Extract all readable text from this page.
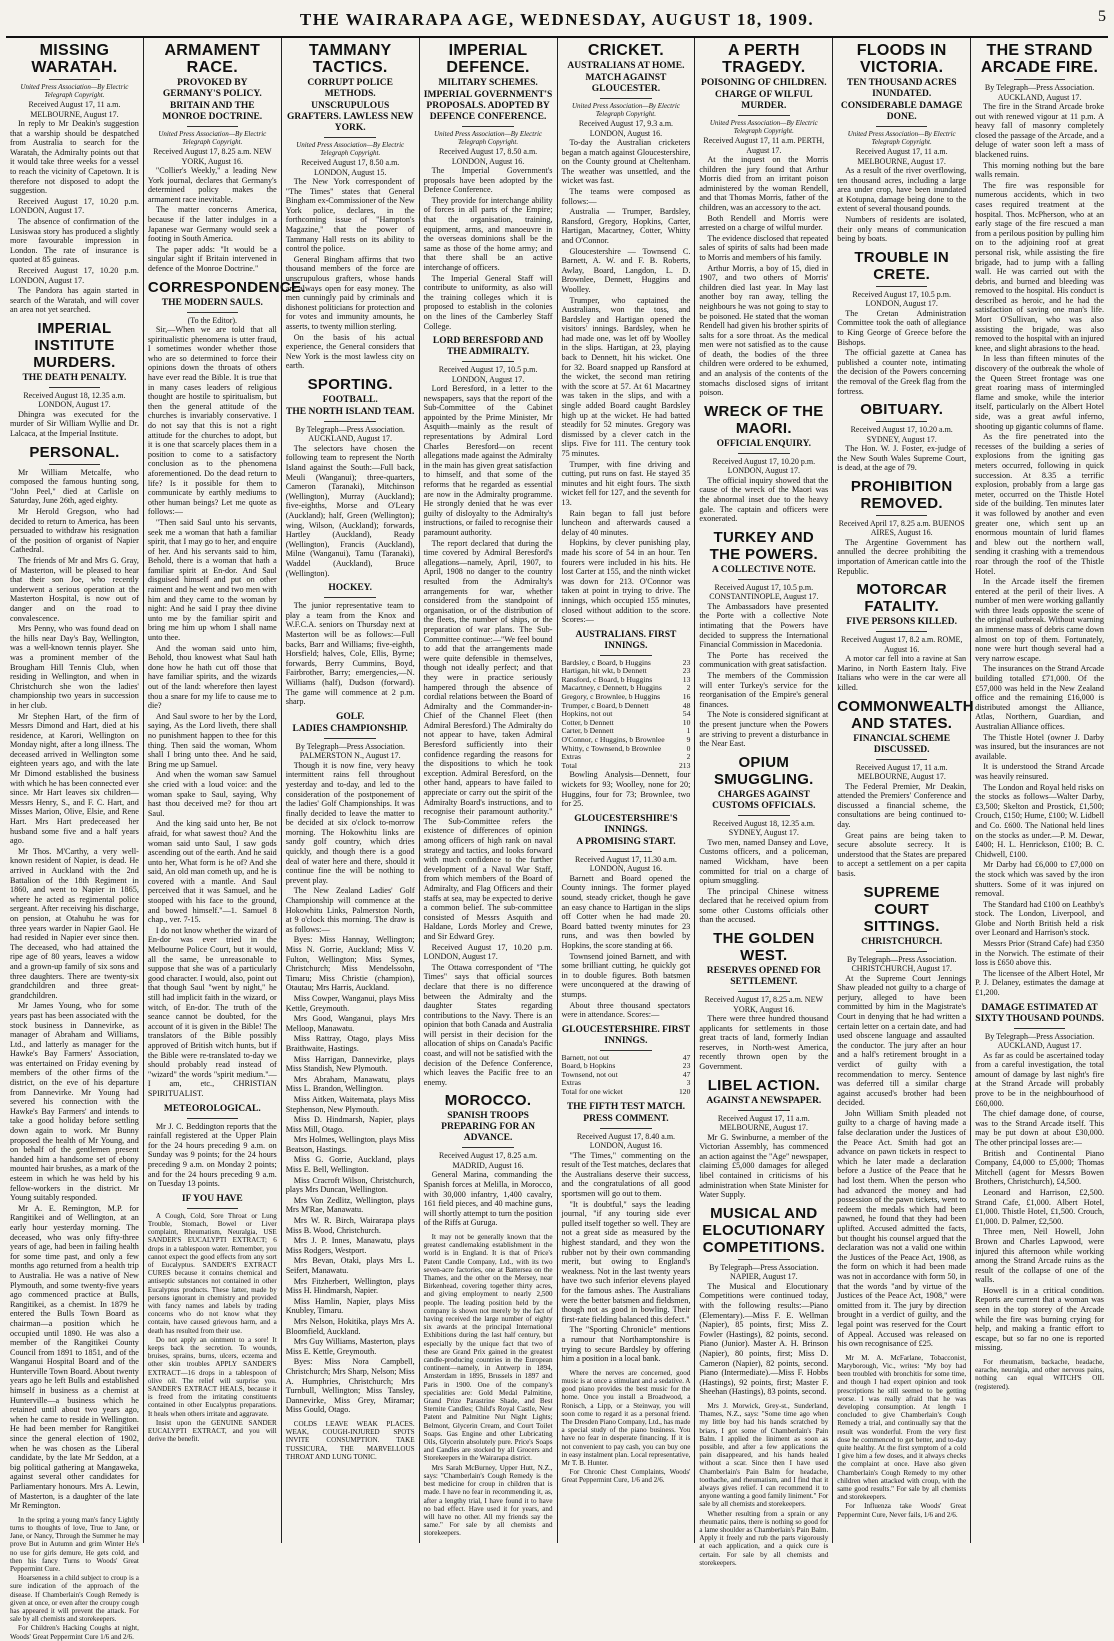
THE WAIRARAPA AGE, WEDNESDAY, AUGUST 18, 1909.	5
MISSING WARATAH.
United Press Association—By Electric Telegraph Copyright.
Received August 17, 11 a.m. MELBOURNE, August 17.

In reply to Mr Deakin's suggestion that a warship should be despatched from Australia to search for the Waratah, the Admiralty points out that it would take three weeks for a vessel to reach the vicinity of Capetown. It is therefore not disposed to adopt the suggestion.

Received August 17, 10.20 p.m. LONDON, August 17.

The absence of confirmation of the Lusiswaa story has produced a slightly more favourable impression in London. The rate of insurance is quoted at 85 guineas.

Received August 17, 10.20 p.m. LONDON, August 17.

The Pandora has again started in search of the Waratah, and will cover an area not yet searched.

IMPERIAL INSTITUTE MURDERS.
THE DEATH PENALTY.
Received August 18, 12.35 a.m. LONDON, August 17.

Dhingra was executed for the murder of Sir William Wyllie and Dr. Lalcaca, at the Imperial Institute.

PERSONAL.

Mr William Metcalfe, who composed the famous hunting song, "John Peel," died at Carlisle on Saturday, June 26th, aged eighty.

Mr Herold Gregson, who had decided to return to America, has been persuaded to withdraw his resignation of the position of organist of Napier Cathedral.

The friends of Mr and Mrs G. Gray, of Masterton, will be pleased to hear that their son Joe, who recently underwent a serious operation at the Masterton Hospital, is now out of danger and on the road to convalescence.

Mrs Penny, who was found dead on the hills near Day's Bay, Wellington, was a well-known tennis player. She was a prominent member of the Brougham Hill Tennis Club, when residing in Wellington, and when in Christchurch she won the ladies' championship two years in succession in her club.

Mr Stephen Hart, of the firm of Messrs Dimond and Hart, died at his residence, at Karori, Wellington on Monday night, after a long illness. The deceased arrived in Wellington some eighteen years ago, and with the late Mr Dimond established the business with which he has been connected ever since. Mr Hart leaves six children—Messrs Henry, S., and F. C. Hart, and Misses Marion, Olive, Elsie, and Rene Hart. Mrs Hart predeceased her husband some five and a half years ago.

Mr Thos. M'Carthy, a very well-known resident of Napier, is dead. He arrived in Auckland with the 2nd Battalion of the 18th Regiment in 1860, and went to Napier in 1865, where he acted as regimental police sergeant. After receiving his discharge, on pension, at Otahuhu he was for three years warder in Napier Gaol. He had resided in Napier ever since then. The deceased, who had attained the ripe age of 80 years, leaves a widow and a grown-up family of six sons and three daughters. There are twenty-six grandchildren and three great-grandchildren.

Mr James Young, who for some years past has been associated with the stock business in Dannevirke, as manager of Abraham and Williams, Ltd., and latterly as manager for the Hawke's Bay Farmers' Association, was entertained on Friday evening by members of the other firms of the district, on the eve of his departure from Dannevirke. Mr Young had severed his connection with the Hawke's Bay Farmers' and intends to take a good holiday before settling down again to work. Mr Bunny proposed the health of Mr Young, and on behalf of the gentlemen present handed him a handsome set of ebony mounted hair brushes, as a mark of the esteem in which he was held by his fellow-workers in the district. Mr Young suitably responded.

Mr A. E. Remington, M.P. for Rangitikei and of Wellington, at an early hour yesterday morning. The deceased, who was only fifty-three years of age, had been in failing health for some time past, and only a few months ago returned from a health trip to Australia. He was a native of New Plymouth, and some twenty-five years ago commenced practice at Bulls, Rangitikei, as a chemist. In 1879 he entered the Bulls Town Board as chairman—a position which he occupied until 1890. He was also a member of the Rangitikei County Council from 1891 to 1851, and of the Wanganui Hospital Board and of the Hunterville Town Board. About twenty years ago he left Bulls and established himself in business as a chemist at Hunterville—a business which he retained until about two years ago, when he came to reside in Wellington. He had been member for Rangitikei since the general election of 1902, when he was chosen as the Liberal candidate, by the late Mr Seddon, at a big political gathering at Mangaweka, against several other candidates for Parliamentary honours. Mrs A. Lewin, of Masterton, is a daughter of the late Mr Remington.

In the spring a young man's fancy Lightly turns to thoughts of love, True to Jane, or Jane, or Nancy, Through the Summer he may prove But in Autumn and grim Winter He's no use for girls demure, He gets cold, and then his fancy Turns to Woods' Great Peppermint Cure.

Hoarseness in a child subject to croup is a sure indication of the approach of the disease. If Chamberlain's Cough Remedy is given at once, or even after the croupy cough has appeared it will prevent the attack. For sale by all chemists and storekeepers.

For Children's Hacking Coughs at night, Woods' Great Peppermint Cure 1/6 and 2/6.

ARMAMENT RACE.
PROVOKED BY GERMANY'S POLICY.
BRITAIN AND THE MONROE DOCTRINE.
United Press Association—By Electric Telegraph Copyright.
Received August 17, 8.25 a.m. NEW YORK, August 16.

"Collier's Weekly," a leading New York journal, declares that Germany's determined policy makes the armament race inevitable.

The matter concerns America, because if the latter indulges in a Japanese war Germany would seek a footing in South America.

The paper adds: "It would be a singular sight if Britain intervened in defence of the Monroe Doctrine."

CORRESPONDENCE.
THE MODERN SAULS.
(To the Editor).

Sir,—When we are told that all spiritualistic phenomena is utter fraud, I sometimes wonder whether those who are so determined to force their opinions down the throats of others have ever read the Bible. It is true that in many cases leaders of religious thought are hostile to spiritualism, but then the general attitude of the churches is invariably conservative. I do not say that this is not a right attitude for the churches to adopt, but it is one that scarcely places them in a position to come to a satisfactory conclusion as to the phenomena aforementioned. Do the dead return to life? Is it possible for them to communicate by earthly mediums to other human beings? Let me quote as follows:—

"Then said Saul unto his servants, seek me a woman that hath a familiar spirit, that I may go to her, and enquire of her. And his servants said to him, Behold, there is a woman that hath a familiar spirit at En-dor. And Saul disguised himself and put on other raiment and he went and two men with him and they came to the woman by night: And he said I pray thee divine unto me by the familiar spirit and bring me him up whom I shall name unto thee.

And the woman said unto him, Behold, thou knowest what Saul hath done how he hath cut off those that have familiar spirits, and the wizards out of the land: wherefore then layest thou a snare for my life to cause me to die?

And Saul swore to her by the Lord, saying, As the Lord liveth, there shall no punishment happen to thee for this thing. Then said the woman, Whom shall I bring unto thee. And he said, Bring me up Samuel.

And when the woman saw Samuel she cried with a loud voice: and the woman spake to Saul, saying, Why hast thou deceived me? for thou art Saul.

And the king said unto her, Be not afraid, for what sawest thou? And the woman said unto Saul, I saw gods ascending out of the earth. And he said unto her, What form is he of? And she said, An old man cometh up, and he is covered with a mantle. And Saul perceived that it was Samuel, and he stooped with his face to the ground, and bowed himself."—1. Samuel 8 chap., ver. 7-15.

I do not know whether the wizard of En-dor was ever tried in the Melbourne Police Court, but it would, all the same, be unreasonable to suppose that she was of a particularly good character. I would, also, point out that though Saul "went by night," he still had implicit faith in the wizard, or witch, of En-dor. The truth of the seance cannot be doubted, for the account of it is given in the Bible! The translators of the Bible possibly approved of British witch hunts, but if the Bible were re-translated to-day we should probably read instead of "wizard" the words "spirit medium."—I am, etc., CHRISTIAN SPIRITUALIST.

METEOROLOGICAL.

Mr J. C. Beddington reports that the rainfall registered at the Upper Plain for the 24 hours preceding 9 a.m. on Sunday was 9 points; for the 24 hours preceding 9 a.m. on Monday 2 points; and for the 24 hours preceding 9 a.m. on Tuesday 13 points.

IF YOU HAVE

A Cough, Cold, Sore Throat or Lung Trouble, Stomach, Bowel or Liver complaint, Rheumatism, Neuralgia, USE SANDER'S EUCALYPTI EXTRACT; 6 drops in a tablespoon water. Remember, you cannot expect the good effects from any sort of Eucalyptus. SANDER'S EXTRACT CURES because it contains chemical and antiseptic substances not contained in other Eucalyptus products. These latter, made by persons ignorant in chemistry and provided with fancy names and labels by trading concerns who do not know what they contain, have caused grievous harm, and a death has resulted from their use.

Do not apply an ointment to a sore! It keeps back the secretion. To wounds, bruises, sprains, burns, ulcers, eczema and other skin troubles APPLY SANDER'S EXTRACT—16 drops in a tablespoon of olive oil. The relief will surprise you. SANDER'S EXTRACT HEALS, because it is freed from the irritating constituents contained in other Eucalyptus preparations. It heals when others irritate and aggravate.

Insist upon the GENUINE SANDER EUCALYPTI EXTRACT, and you will derive the benefit.

TAMMANY TACTICS.
CORRUPT POLICE METHODS.
UNSCRUPULOUS GRAFTERS. LAWLESS NEW YORK.
United Press Association—By Electric Telegraph Copyright.
Received August 17, 8.50 a.m. LONDON, August 15.

The New York correspondent of "The Times" states that General Bingham ex-Commissioner of the New York police, declares, in the forthcoming issue of "Hampton's Magazine," that the power of Tammany Hall rests on its ability to control the police.

General Bingham affirms that two thousand members of the force are unscrupulous grafters, whose hands are always open for easy money. The men cunningly paid by criminals and dishonest politicians for protection and for votes and immunity amounts, he asserts, to twenty million sterling.

On the basis of his actual experience, the General considers that New York is the most lawless city on earth.

SPORTING.
FOOTBALL.
THE NORTH ISLAND TEAM.
By Telegraph—Press Association. AUCKLAND, August 17.

The selectors have chosen the following team to represent the North Island against the South:—Full back, Meuli (Wanganui); three-quarters, Cameron (Taranaki), Mitchinson (Wellington), Murray (Auckland); five-eighths, Morse and O'Leary (Auckland); half, Green (Wellington); wing, Wilson, (Auckland); forwards, Hartley (Auckland), Ready (Wellington), Francis (Auckland), Milne (Wanganui), Tamu (Taranaki), Waddel (Auckland), Bruce (Wellington).

HOCKEY.

The junior representative team to play a team from the Knox and W.F.C.A. seniors on Thursday next at Masterton will be as follows:—Full backs, Barr and Williams; five-eighth, Horsfield; halves, Cole, Ellis, Byrne; forwards, Berry Cummins, Boyd, Fairbrother, Barry; emergencies,—N. Williams (half), Dudson (forward). The game will commence at 2 p.m. sharp.

GOLF.
LADIES CHAMPIONSHIP.
By Telegraph—Press Association. PALMERSTON N., August 17.

Though it is now fine, very heavy intermittent rains fell throughout yesterday and to-day, and led to the consideration of the postponement of the ladies' Golf Championships. It was finally decided to leave the matter to be decided at six o'clock to-morrow morning. The Hokowhitu links are sandy golf country, which dries quickly, and though there is a good deal of water here and there, should it continue fine the will be nothing to prevent play.

The New Zealand Ladies' Golf Championship will commence at the Hokowhitu Links, Palmerston North, at 9 o'clock this morning. The draw is as follows:—

Byes: Miss Hannay, Wellington; Miss N. Gorrie, Auckland; Miss V. Fulton, Wellington; Miss Symes, Christchurch; Miss Mendelssohn, Timaru; Miss Christie (champion), Otautau; Mrs Harris, Auckland.

Miss Cowper, Wanganui, plays Miss Kettle, Greymouth.

Mrs Good, Wanganui, plays Mrs Melloop, Manawatu.

Miss Rattray, Otago, plays Miss Braithwaite, Hastings.

Miss Harrigan, Dannevirke, plays Miss Standish, New Plymouth.

Mrs Abraham, Manawatu, plays Miss L. Brandon, Wellington.

Miss Aitken, Waitemata, plays Miss Stephenson, New Plymouth.

Miss D. Hindmarsh, Napier, plays Miss Mill, Otago.

Mrs Holmes, Wellington, plays Miss Beatson, Hastings.

Miss G. Gorrie, Auckland, plays Miss E. Bell, Wellington.

Miss Cracroft Wilson, Christchurch, plays Mrs Duncan, Wellington.

Mrs Von Zedlitz, Wellington, plays Mrs M'Rae, Manawatu.

Mrs W. R. Birch, Wairarapa plays Miss B. Wood, Christchurch.

Mrs J. P. Innes, Manawatu, plays Miss Rodgers, Westport.

Mrs Bevan, Otaki, plays Mrs L. Seifert, Manawatu.

Mrs Fitzherbert, Wellington, plays Miss H. Hindmarsh, Napier.

Miss Hamlin, Napier, plays Miss Knubley, Timaru.

Mrs Nelson, Hokitika, plays Mrs A. Bloomfield, Auckland.

Mrs Guy Williams, Masterton, plays Miss E. Kettle, Greymouth.

Byes: Miss Nora Campbell, Christchurch; Mrs Sharp, Nelson; Miss A. Humphries, Christchurch; Mrs Turnbull, Wellington; Miss Tansley, Dannevirke, Miss Grey, Miramar; Miss Gould, Otago.

COLDS LEAVE WEAK PLACES. WEAK, COUGH-INJURED SPOTS INVITE CONSUMPTION. TAKE TUSSICURA, THE MARVELLOUS THROAT AND LUNG TONIC.

IMPERIAL DEFENCE.
MILITARY SCHEMES.
IMPERIAL GOVERNMENT'S PROPOSALS. ADOPTED BY DEFENCE CONFERENCE.
United Press Association—By Electric Telegraph Copyright.
Received August 17, 8.50 a.m. LONDON, August 16.

The Imperial Government's proposals have been adopted by the Defence Conference.

They provide for interchange ability of forces in all parts of the Empire; that the organisation, training, equipment, arms, and manoeuvre in the overseas dominions shall be the same as those of the home army; and that there shall be an active interchange of officers.

The Imperial General Staff will contribute to uniformity, as also will the training colleges which it is proposed to establish in the colonies on the lines of the Camberley Staff College.

LORD BERESFORD AND THE ADMIRALTY.
Received August 17, 10.5 p.m. LONDON, August 17.

Lord Beresford, in a letter to the newspapers, says that the report of the Sub-Committee of the Cabinet appointed by the Prime Minister, Mr Asquith—mainly as the result of representations by Admiral Lord Charles Beresford—on recent allegations made against the Admiralty in the main has given great satisfaction to himself, and that some of the reforms that he regarded as essential are now in the Admiralty programme. He strongly denied that he was ever guilty of disloyalty to the Admiralty's instructions, or failed to recognise their paramount authority.

The report declared that during the time covered by Admiral Beresford's allegations—namely, April, 1907, to April, 1908 no danger to the country resulted from the Admiralty's arrangements for war, whether considered from the standpoint of organisation, or of the distribution of the fleets, the number of ships, or the preparation of war plans. The Sub-Committee continue:—"We feel bound to add that the arrangements made were quite defensible in themselves, though not ideally perfect; and that they were in practice seriously hampered through the absence of cordial relations between the Board of Admiralty and the Commander-in-Chief of the Channel Fleet (then Admiral Beresford.) The Admiralty do not appear to have, taken Admiral Beresford sufficiently into their confidence regarding the reasons for the dispositions to which he took exception. Admiral Beresford, on the other hand, appears to have failed to appreciate or carry out the spirit of the Admiralty Board's instructions, and to recognise their paramount authority." The Sub-Committee refers the existence of differences of opinion among officers of high rank on naval strategy and tactics, and looks forward with much confidence to the further development of a Naval War Staff, from which members of the Board of Admiralty, and Flag Officers and their staffs at sea, may be expected to derive a common belief. The sub-committee consisted of Messrs Asquith and Haldane, Lords Morley and Crewe, and Sir Edward Grey.

Received August 17, 10.20 p.m. LONDON, August 17.

The Ottawa correspondent of "The Times" says that official sources declare that there is no difference between the Admiralty and the daughter States regarding contributions to the Navy. There is an opinion that both Canada and Australia will persist in their decision for the allocation of ships on Canada's Pacific coast, and will not be satisfied with the decision of the Defence Conference, which leaves the Pacific free to an enemy.

MOROCCO.
SPANISH TROOPS PREPARING FOR AN ADVANCE.
Received August 17, 8.25 a.m. MADRID, August 16.

General Marina, commanding the Spanish forces at Melilla, in Morocco, with 30,000 infantry, 1,400 cavalry, 161 field pieces, and 40 machine guns, will shortly attempt to turn the position of the Riffs at Guruga.

It may not be generally known that the greatest candlemaking establishment in the world is in England. It is that of Price's Patent Candle Company, Ltd., with its two seven-acre factories, one at Battersea on the Thames, and the other on the Mersey, near Birkenhead, covering together thirty acres, and giving employment to nearly 2,500 people. The leading position held by the company is shown not merely by the fact of having received the large number of eighty six awards at the principal International Exhibitions during the last half century, but especially by the unique fact that two of these are Grand Prix gained in the greatest candle-producing countries in the European continent—namely, in Antwerp in 1894, Amsterdam in 1895, Brussels in 1897 and Paris in 1900. One of the company's specialities are: Gold Medal Palmitine, Grand Prize Parastrine Shade, and Best Sternite Candles; Child's Royal Castle, New Patent and Palmitine Nut Night Lights; Belmont, Glycerin Cream, and Court Toilet Soaps. Gas Engine and other Lubricating Oils, Glycerin absolutely pure. Price's Soaps and Candles are stocked by all Grocers and Storekeepers in the Wairarapa district.

Mrs Sarah McBurney, Upper Hutt, N.Z., says: "Chamberlain's Cough Remedy is the best medicine for croup in children that is made. I have no fear in recommending it, as, after a lengthy trial, I have found it to have no bad effect. Have used it for years, and will have no other. All my friends say the same." For sale by all chemists and storekeepers.

CRICKET.
AUSTRALIANS AT HOME.
MATCH AGAINST GLOUCESTER.
United Press Association—By Electric Telegraph Copyright.
Received August 17, 9.3 a.m. LONDON, August 16.

To-day the Australian cricketers began a match against Gloucestershire, on the County ground at Cheltenham. The weather was unsettled, and the wicket was fast.

The teams were composed as follows:—

Australia — Trumper, Bardsley, Ransford, Gregory, Hopkins, Carter, Hartigan, Macartney, Cotter, Whitty and O'Connor.

Gloucestershire — Townsend C. Barnett, A. W. and F. B. Roberts, Awlay, Board, Langdon, L. D. Brownlee, Dennett, Huggins and Woolley.

Trumper, who captained the Australians, won the toss, and Bardsley and Hartigan opened the visitors' innings. Bardsley, when he had made one, was let off by Woolley in the slips. Hartigan, at 23, playing back to Dennett, hit his wicket. One for 32. Board snapped up Ransford at the wicket, the second man retiring with the score at 57. At 61 Macartney was taken in the slips, and with a single added Board caught Bardsley high up at the wicket. He had batted steadily for 52 minutes. Gregory was dismissed by a clever catch in the slips. Five for 111. The century took 75 minutes.

Trumper, with fine driving and cutting, put runs on fast. He stayed 35 minutes and hit eight fours. The sixth wicket fell for 127, and the seventh for 13.

Rain began to fall just before luncheon and afterwards caused a delay of 40 minutes.

Hopkins, by clever punishing play, made his score of 54 in an hour. Ten fourers were included in his hits. He lost Carter at 155, and the ninth wicket was down for 213. O'Connor was taken at point in trying to drive. The innings, which occupied 155 minutes, closed without addition to the score. Scores:—

AUSTRALIANS. FIRST INNINGS.
Bardsley, c Board, b Huggins	23
Hartigan, hit wkt, b Dennett	23
Ransford, c Board, b Huggins	13
Macartney, c Dennett, b Huggins	2
Gregory, c Brownlee, b Huggins	16
Trumper, c Board, b Dennett	48
Hopkins, not out	54
Cotter, b Dennett	10
Carter, b Dennett	1
O'Connor, c Huggins, b Brownlee	9
Whitty, c Townsend, b Brownlee	0
Extras	2
Total	213

Bowling Analysis—Dennett, four wickets for 93; Woolley, none for 20; Huggins, four for 73; Brownlee, two for 25.

GLOUCESTERSHIRE'S INNINGS.
A PROMISING START.
Received August 17, 11.30 a.m. LONDON, August 16.

Barnett and Board opened the County innings. The former played sound, steady cricket, though he gave an easy chance to Hartigan in the slips off Cotter when he had made 20. Board batted twenty minutes for 23 runs, and was then bowled by Hopkins, the score standing at 66.

Townsend joined Barnett, and with some brilliant cutting, he quickly got in to double figures. Both batsmen were unconquered at the drawing of stumps.

About three thousand spectators were in attendance. Scores:—

GLOUCESTERSHIRE. FIRST INNINGS.
Barnett, not out	47
Board, b Hopkins	23
Townsend, not out	47
Extras	3
Total for one wicket	120
THE FIFTH TEST MATCH.
PRESS COMMENT.
Received August 17, 8.40 a.m. LONDON, August 16.

"The Times," commenting on the result of the Test matches, declares that the Australians deserve their success, and the congratulations of all good sportsmen will go out to them.

"It is doubtful," says the leading journal, "if any touring side ever pulled itself together so well. They are not a great side as measured by the highest standard, and they won the rubber not by their own commanding merit, but owing to England's weakness. Not in the last twenty years have two such inferior elevens played for the famous ashes. The Australians were the better batsmen and fieldsmen, though not as good in bowling. Their first-rate fielding balanced this defect."

The "Sporting Chronicle" mentions a rumour that Northamptonshire is trying to secure Bardsley by offering him a position in a local bank.

Where the nerves are concerned, good music is at once a stimulant and a sedative. A good piano provides the best music for the home. Once you install a Broadwood, a Ronisch, a Lipp, or a Steinway, you will soon come to regard it as a personal friend. The Dresden Piano Company, Ltd., has made a special study of the piano business. You have no fear in desperate financing. If it is not convenient to pay cash, you can buy one in easy instalment plan. Local representative, Mr T. B. Hunter.

For Chronic Chest Complaints, Woods' Great Peppermint Cure, 1/6 and 2/6.

A PERTH TRAGEDY.
POISONING OF CHILDREN.
CHARGE OF WILFUL MURDER.
United Press Association—By Electric Telegraph Copyright.
Received August 17, 11 a.m. PERTH, August 17.

At the inquest on the Morris children the jury found that Arthur Morris died from an irritant poison administered by the woman Rendell, and that Thomas Morris, father of the children, was an accessory to the act.

Both Rendell and Morris were arrested on a charge of wilful murder.

The evidence disclosed that repeated sales of spirits of salts had been made to Morris and members of his family.

Arthur Morris, a boy of 15, died in 1907, and two others of Morris' children died last year. In May last another boy ran away, telling the neighbours he was not going to stay to be poisoned. He stated that the woman Rendell had given his brother spirits of salts for a sore throat. As the medical men were not satisfied as to the cause of death, the bodies of the three children were ordered to be exhumed, and an analysis of the contents of the stomachs disclosed signs of irritant poison.

WRECK OF THE MAORI.
OFFICIAL ENQUIRY.
Received August 17, 10.20 p.m. LONDON, August 17.

The official inquiry showed that the cause of the wreck of the Maori was the abnormal inset due to the heavy gale. The captain and officers were exonerated.

TURKEY AND THE POWERS.
A COLLECTIVE NOTE.
Received August 17, 10.5 p.m. CONSTANTINOPLE, August 17.

The Ambassadors have presented the Porte with a collective Note intimating that the Powers have decided to suppress the International Financial Commission in Macedonia.

The Porte has received the communication with great satisfaction.

The members of the Commission will enter Turkey's service for the reorganisation of the Empire's general finances.

The Note is considered significant at the present juncture when the Powers are striving to prevent a disturbance in the Near East.

OPIUM SMUGGLING.
CHARGES AGAINST CUSTOMS OFFICIALS.
Received August 18, 12.35 a.m. SYDNEY, August 17.

Two men, named Dansey and Love, Customs officers, and a policeman, named Wickham, have been committed for trial on a charge of opium smuggling.

The principal Chinese witness declared that he received opium from some other Customs officials other than the accused.

THE GOLDEN WEST.
RESERVES OPENED FOR SETTLEMENT.
Received August 17, 8.25 a.m. NEW YORK, August 16.

There were three hundred thousand applicants for settlements in those great tracts of land, formerly Indian reserves, in North-west America, recently thrown open by the Government.

LIBEL ACTION.
AGAINST A NEWSPAPER.
Received August 17, 11 a.m. MELBOURNE, August 17.

Mr G. Swinburne, a member of the Victorian Assembly, has commenced an action against the "Age" newspaper, claiming £5,000 damages for alleged libel contained in criticisms of his administration when State Minister for Water Supply.

MUSICAL AND ELOCUTIONARY COMPETITIONS.
By Telegraph—Press Association. NAPIER, August 17.

The Musical and Elocutionary Competitions were continued today, with the following results:—Piano (Elementary).—Miss F. E. Wellman (Napier), 85 points, first; Miss Z. Fowler (Hastings), 82 points, second. Piano (Junior). Master A. H. Brinson (Napier), 80 points, first; Miss D. Cameron (Napier), 82 points, second. Piano (Intermediate).—Miss F. Hobbs (Hastings), 92 points, first; Master F. Sheehan (Hastings), 83 points, second.

Mrs J. Morwick, Grey-st., Sunderland, Thames, N.Z., says: "Some time ago when my little boy had his hands scratched by briars, I got some of Chamberlain's Pain Balm. I applied the liniment as soon as possible, and after a few applications the pain disappeared, and his hands healed without a scar. Since then I have used Chamberlain's Pain Balm for headache, toothache, and rheumatism, and I find that it always gives relief. I can recommend it to anyone wanting a good family liniment." For sale by all chemists and storekeepers.

Whether resulting from a sprain or any rheumatic pains, there is nothing so good for a lame shoulder as Chamberlain's Pain Balm. Apply it freely and rub the parts vigorously at each application, and a quick cure is certain. For sale by all chemists and storekeepers.

FLOODS IN VICTORIA.
TEN THOUSAND ACRES INUNDATED.
CONSIDERABLE DAMAGE DONE.
United Press Association—By Electric Telegraph Copyright.
Received August 17, 11 a.m. MELBOURNE, August 17.

As a result of the river overflowing, ten thousand acres, including a large area under crop, have been inundated at Kotupna, damage being done to the extent of several thousand pounds.

Numbers of residents are isolated, their only means of communication being by boats.

TROUBLE IN CRETE.
Received August 17, 10.5 p.m. LONDON, August 17.

The Cretan Administration Committee took the oath of allegiance to King George of Greece before the Bishops.

The official gazette at Canea has published a counter note, intimating the decision of the Powers concerning the removal of the Greek flag from the fortress.

OBITUARY.
Received August 17, 10.20 a.m. SYDNEY, August 17.

The Hon. W. J. Foster, ex-judge of the New South Wales Supreme Court, is dead, at the age of 79.

PROHIBITION REMOVED.
Received April 17, 8.25 a.m. BUENOS AIRES, August 16.

The Argentine Government has annulled the decree prohibiting the importation of American cattle into the Republic.

MOTORCAR FATALITY.
FIVE PERSONS KILLED.
Received August 17, 8.2 a.m. ROME, August 16.

A motor car fell into a ravine at San Marino, in North Eastern Italy. Five Italians who were in the car were all killed.

COMMONWEALTH AND STATES.
FINANCIAL SCHEME DISCUSSED.
Received August 17, 11 a.m. MELBOURNE, August 17.

The Federal Premier, Mr Deakin, attended the Premiers' Conference and discussed a financial scheme, the consultations are being continued to-day.

Great pains are being taken to secure absolute secrecy. It is understood that the States are prepared to accept a settlement on a per capita basis.

SUPREME COURT SITTINGS.
CHRISTCHURCH.
By Telegraph—Press Association. CHRISTCHURCH, August 17.

At the Supreme Court Jennings Shaw pleaded not guilty to a charge of perjury, alleged to have been committed by him in the Magistrate's Court in denying that he had written a certain letter on a certain date, and had used obscene language and assaulted the conductor. The jury after an hour and a half's retirement brought in a verdict of guilty with a recommendation to mercy. Sentence was deferred till a similar charge against accused's brother had been decided.

John William Smith pleaded not guilty to a charge of having made a false declaration under the Justices of the Peace Act. Smith had got an advance on pawn tickets in respect to which he later made a declaration before a Justice of the Peace that he had lost them. When the person who had advanced the money and had possession of the pawn tickets, went to redeem the medals which had been pawned, he found that they had been uplifted. Accused admitted the facts, but thought his counsel argued that the declaration was not a valid one within the Justices of the Peace Act, 1908, as the form on which it had been made was not in accordance with form 50, in that the words "and by virtue of the Justices of the Peace Act, 1908," were omitted from it. The jury by direction brought in a verdict of guilty, and the legal point was reserved for the Court of Appeal. Accused was released on his own recognisance of £25.

Mr M. A. McFarlane, Tobacconist, Maryborough, Vic., writes: "My boy had been troubled with bronchitis for some time, and though I had expert opinion and took prescriptions he still seemed to be getting worse. I was really afraid that he was developing consumption. At length I concluded to give Chamberlain's Cough Remedy a trial, and continually say that the result was wonderful. From the very first dose he commenced to get better, and to-day quite healthy. At the first symptom of a cold I give him a few doses, and it always checks the complaint at once. Have also given Chamberlain's Cough Remedy to my other children when attacked with croup, with the same good results." For sale by all chemists and storekeepers.

For Influenza take Woods' Great Peppermint Cure, Never fails, 1/6 and 2/6.

THE STRAND ARCADE FIRE.
By Telegraph—Press Association. AUCKLAND, August 17.

The fire in the Strand Arcade broke out with renewed vigour at 11 p.m. A heavy fall of masonry completely closed the passage of the Arcade, and a deluge of water soon left a mass of blackened ruins.

This morning nothing but the bare walls remain.

The fire was responsible for numerous accidents, which in two cases required treatment at the hospital. Thos. McPherson, who at an early stage of the fire rescued a man from a perilous position by pulling him on to the adjoining roof at great personal risk, while assisting the fire brigade, had to jump with a falling wall. He was carried out with the debris, and burned and bleeding was removed to the hospital. His conduct is described as heroic, and he had the satisfaction of saving one man's life. Mort O'Sullivan, who was also assisting the brigade, was also removed to the hospital with an injured knee, and slight abrasions to the head.

In less than fifteen minutes of the discovery of the outbreak the whole of the Queen Street frontage was one great roaring mass of intermingled flame and smoke, while the interior itself, particularly on the Albert Hotel side, was a great awful inferno, shooting up gigantic columns of flame.

As the fire penetrated into the recesses of the building a series of explosions from the igniting gas meters occurred, following in quick succession. At 8.35 a terrific explosion, probably from a large gas meter, occurred on the Thistle Hotel side of the building. Ten minutes later it was followed by another and even greater one, which sent up an enormous mountain of lurid flames and blew out the northern wall, sending it crashing with a tremendous roar through the roof of the Thistle Hotel.

In the Arcade itself the firemen entered at the peril of their lives. A number of men were working gallantly with three leads opposite the scene of the original outbreak. Without warning an immense mass of debris came down almost on top of them. Fortunately, none were hurt though several had a very narrow escape.

The insurances on the Strand Arcade building totalled £71,000. Of the £57,000 was held in the New Zealand office and the remaining £16,000 is distributed amongst the Alliance, Atlas, Northern, Guardian, and Australian Alliance offices.

The Thistle Hotel (owner J. Darby was insured, but the insurances are not available.

It is understood the Strand Arcade was heavily reinsured.

The London and Royal held risks on the stocks as follows—Walter Darby, £3,500; Skelton and Prostick, £1,500; Crouch, £150; Hume, £100; W. Lidbell and Co. £600. The National held lines on the stocks as under.—P. M. Dewar, £400; H. L. Henrickson, £100; B. C. Chidwell, £100.

Mr Darby had £6,000 to £7,000 on the stock which was saved by the iron shutters. Some of it was injured on removal.

The Standard had £100 on Leathby's stock. The London, Liverpool, and Globe and North British held a risk over Leonard and Harrison's stock.

Messrs Prior (Strand Cafe) had £350 in the Norwich. The estimate of their loss is £650 above this.

The licensee of the Albert Hotel, Mr P. J. Delaney, estimates the damage at £1,200.

DAMAGE ESTIMATED AT SIXTY THOUSAND POUNDS.
By Telegraph—Press Association. AUCKLAND, August 17.

As far as could be ascertained today from a careful investigation, the total amount of damage by last night's fire at the Strand Arcade will probably prove to be in the neighbourhood of £60,000.

The chief damage done, of course, was to the Strand Arcade itself. This may be put down at about £30,000. The other principal losses are:—

British and Continental Piano Company, £4,000 to £5,000; Thomas Mitchell (agent for Messrs Bowen Brothers, Christchurch), £4,500.

Leonard and Harrison, £2,500. Strand Cafe, £1,000. Albert Hotel, £1,000. Thistle Hotel, £1,500. Crouch, £1,000. D. Palmer, £2,500.

Three men, Neil Howell, John Brown and Charles Lapwood, were injured this afternoon while working among the Strand Arcade ruins as the result of the collapse of one of the walls.

Howell is in a critical condition. Reports are current that a woman was seen in the top storey of the Arcade while the fire was burning crying for help, and making a frantic effort to escape, but so far no one is reported missing.

For rheumatism, backache, headache, earache, neuralgia, and other nervous pains, nothing can equal WITCH'S OIL (registered).
